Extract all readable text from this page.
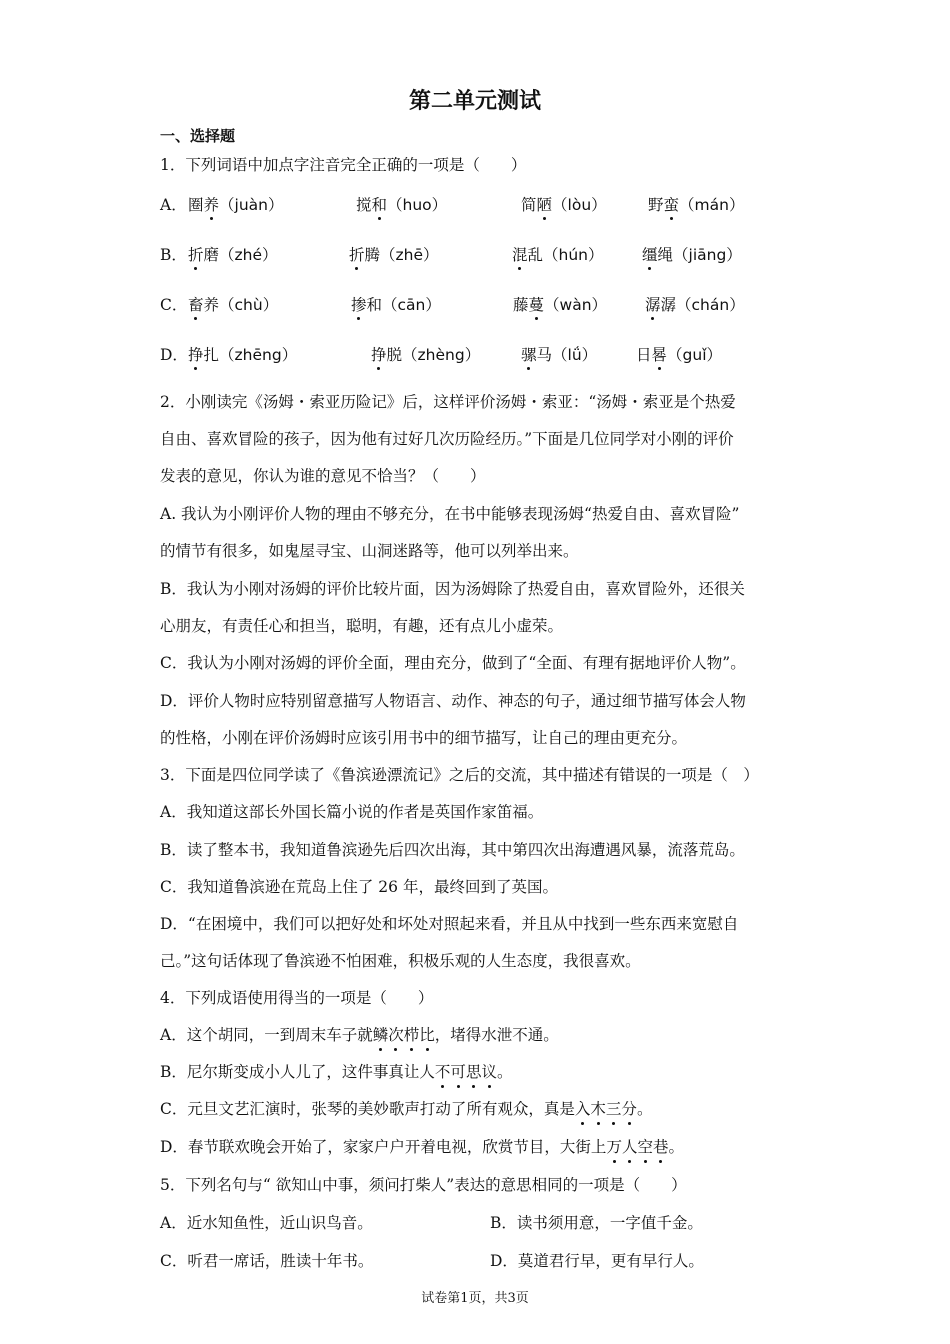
第二单元测试
一、选择题
1．下列词语中加点字注音完全正确的一项是（　　）
A． 圈养（juàn）	搅和（huo）	简陋（lòu）	野蛮（mán）
B． 折磨（zhé）	折腾（zhē）	混乱（hún） 缰绳（jiāng）
C． 畜养（chù）	掺和（cān）	藤蔓（wàn） 潺潺（chán）
D． 挣扎（zhēng）	挣脱（zhèng）	骡马（lǘ）	日晷（guǐ）
2．小刚读完《汤姆・索亚历险记》后，这样评价汤姆・索亚：“汤姆・索亚是个热爱
自由、喜欢冒险的孩子，因为他有过好几次历险经历。”下面是几位同学对小刚的评价
发表的意见，你认为谁的意见不恰当？（　　）
A. 我认为小刚评价人物的理由不够充分，在书中能够表现汤姆“热爱自由、喜欢冒险”
的情节有很多，如鬼屋寻宝、山洞迷路等，他可以列举出来。
B．我认为小刚对汤姆的评价比较片面，因为汤姆除了热爱自由，喜欢冒险外，还很关
心朋友，有责任心和担当，聪明，有趣，还有点儿小虚荣。
C．我认为小刚对汤姆的评价全面，理由充分，做到了“全面、有理有据地评价人物”。
D．评价人物时应特别留意描写人物语言、动作、神态的句子，通过细节描写体会人物
的性格，小刚在评价汤姆时应该引用书中的细节描写，让自己的理由更充分。
3．下面是四位同学读了《鲁滨逊漂流记》之后的交流，其中描述有错误的一项是（　）
A．我知道这部长外国长篇小说的作者是英国作家笛福。
B．读了整本书，我知道鲁滨逊先后四次出海，其中第四次出海遭遇风暴，流落荒岛。
C．我知道鲁滨逊在荒岛上住了 26 年，最终回到了英国。
D．“在困境中，我们可以把好处和坏处对照起来看，并且从中找到一些东西来宽慰自
己。”这句话体现了鲁滨逊不怕困难，积极乐观的人生态度，我很喜欢。
4．下列成语使用得当的一项是（　　）
A．这个胡同，一到周末车子就鳞次栉比，堵得水泄不通。
B．尼尔斯变成小人儿了，这件事真让人不可思议。
C．元旦文艺汇演时，张琴的美妙歌声打动了所有观众，真是入木三分。
D．春节联欢晚会开始了，家家户户开着电视，欣赏节目，大街上万人空巷。
5．下列名句与“ 欲知山中事，须问打柴人”表达的意思相同的一项是（　　）
A．近水知鱼性，近山识鸟音。	B．读书须用意，一字值千金。
C．听君一席话，胜读十年书。	D．莫道君行早，更有早行人。
试卷第1页，共3页
